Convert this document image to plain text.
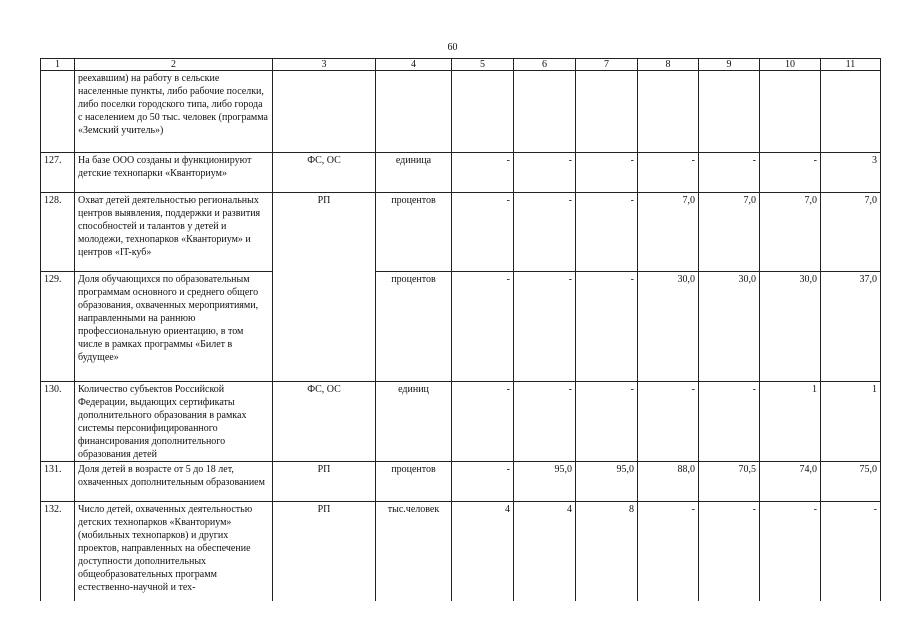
60
1	2	3	4	5	6	7	8	9	10	11
	реехавшим) на работу в сельские населенные пункты, либо рабочие поселки, либо поселки городского типа, либо города с населением до 50 тыс. человек (программа «Земский учитель»)									
127.	На базе ООО созданы и функционируют детские технопарки «Кванториум»	ФС, ОС	единица	-	-	-	-	-	-	3
128.	Охват детей деятельностью региональных центров выявления, поддержки и развития способностей и талантов у детей и молодежи, технопарков «Кванториум» и центров «IT-куб»	РП	процентов	-	-	-	7,0	7,0	7,0	7,0
129.	Доля обучающихся по образовательным программам основного и среднего общего образования, охваченных мероприятиями, направленными на раннюю профессиональную ориентацию, в том числе в рамках программы «Билет в будущее»		процентов	-	-	-	30,0	30,0	30,0	37,0
130.	Количество субъектов Российской Федерации, выдающих сертификаты дополнительного образования в рамках системы персонифицированного финансирования дополнительного образования детей	ФС, ОС	единиц	-	-	-	-	-	1	1
131.	Доля детей в возрасте от 5 до 18 лет, охваченных дополнительным образованием	РП	процентов	-	95,0	95,0	88,0	70,5	74,0	75,0
132.	Число детей, охваченных деятельностью детских технопарков «Кванториум» (мобильных технопарков) и других проектов, направленных на обеспечение доступности дополнительных общеобразовательных программ естественно-научной и тех-	РП	тыс.человек	4	4	8	-	-	-	-
